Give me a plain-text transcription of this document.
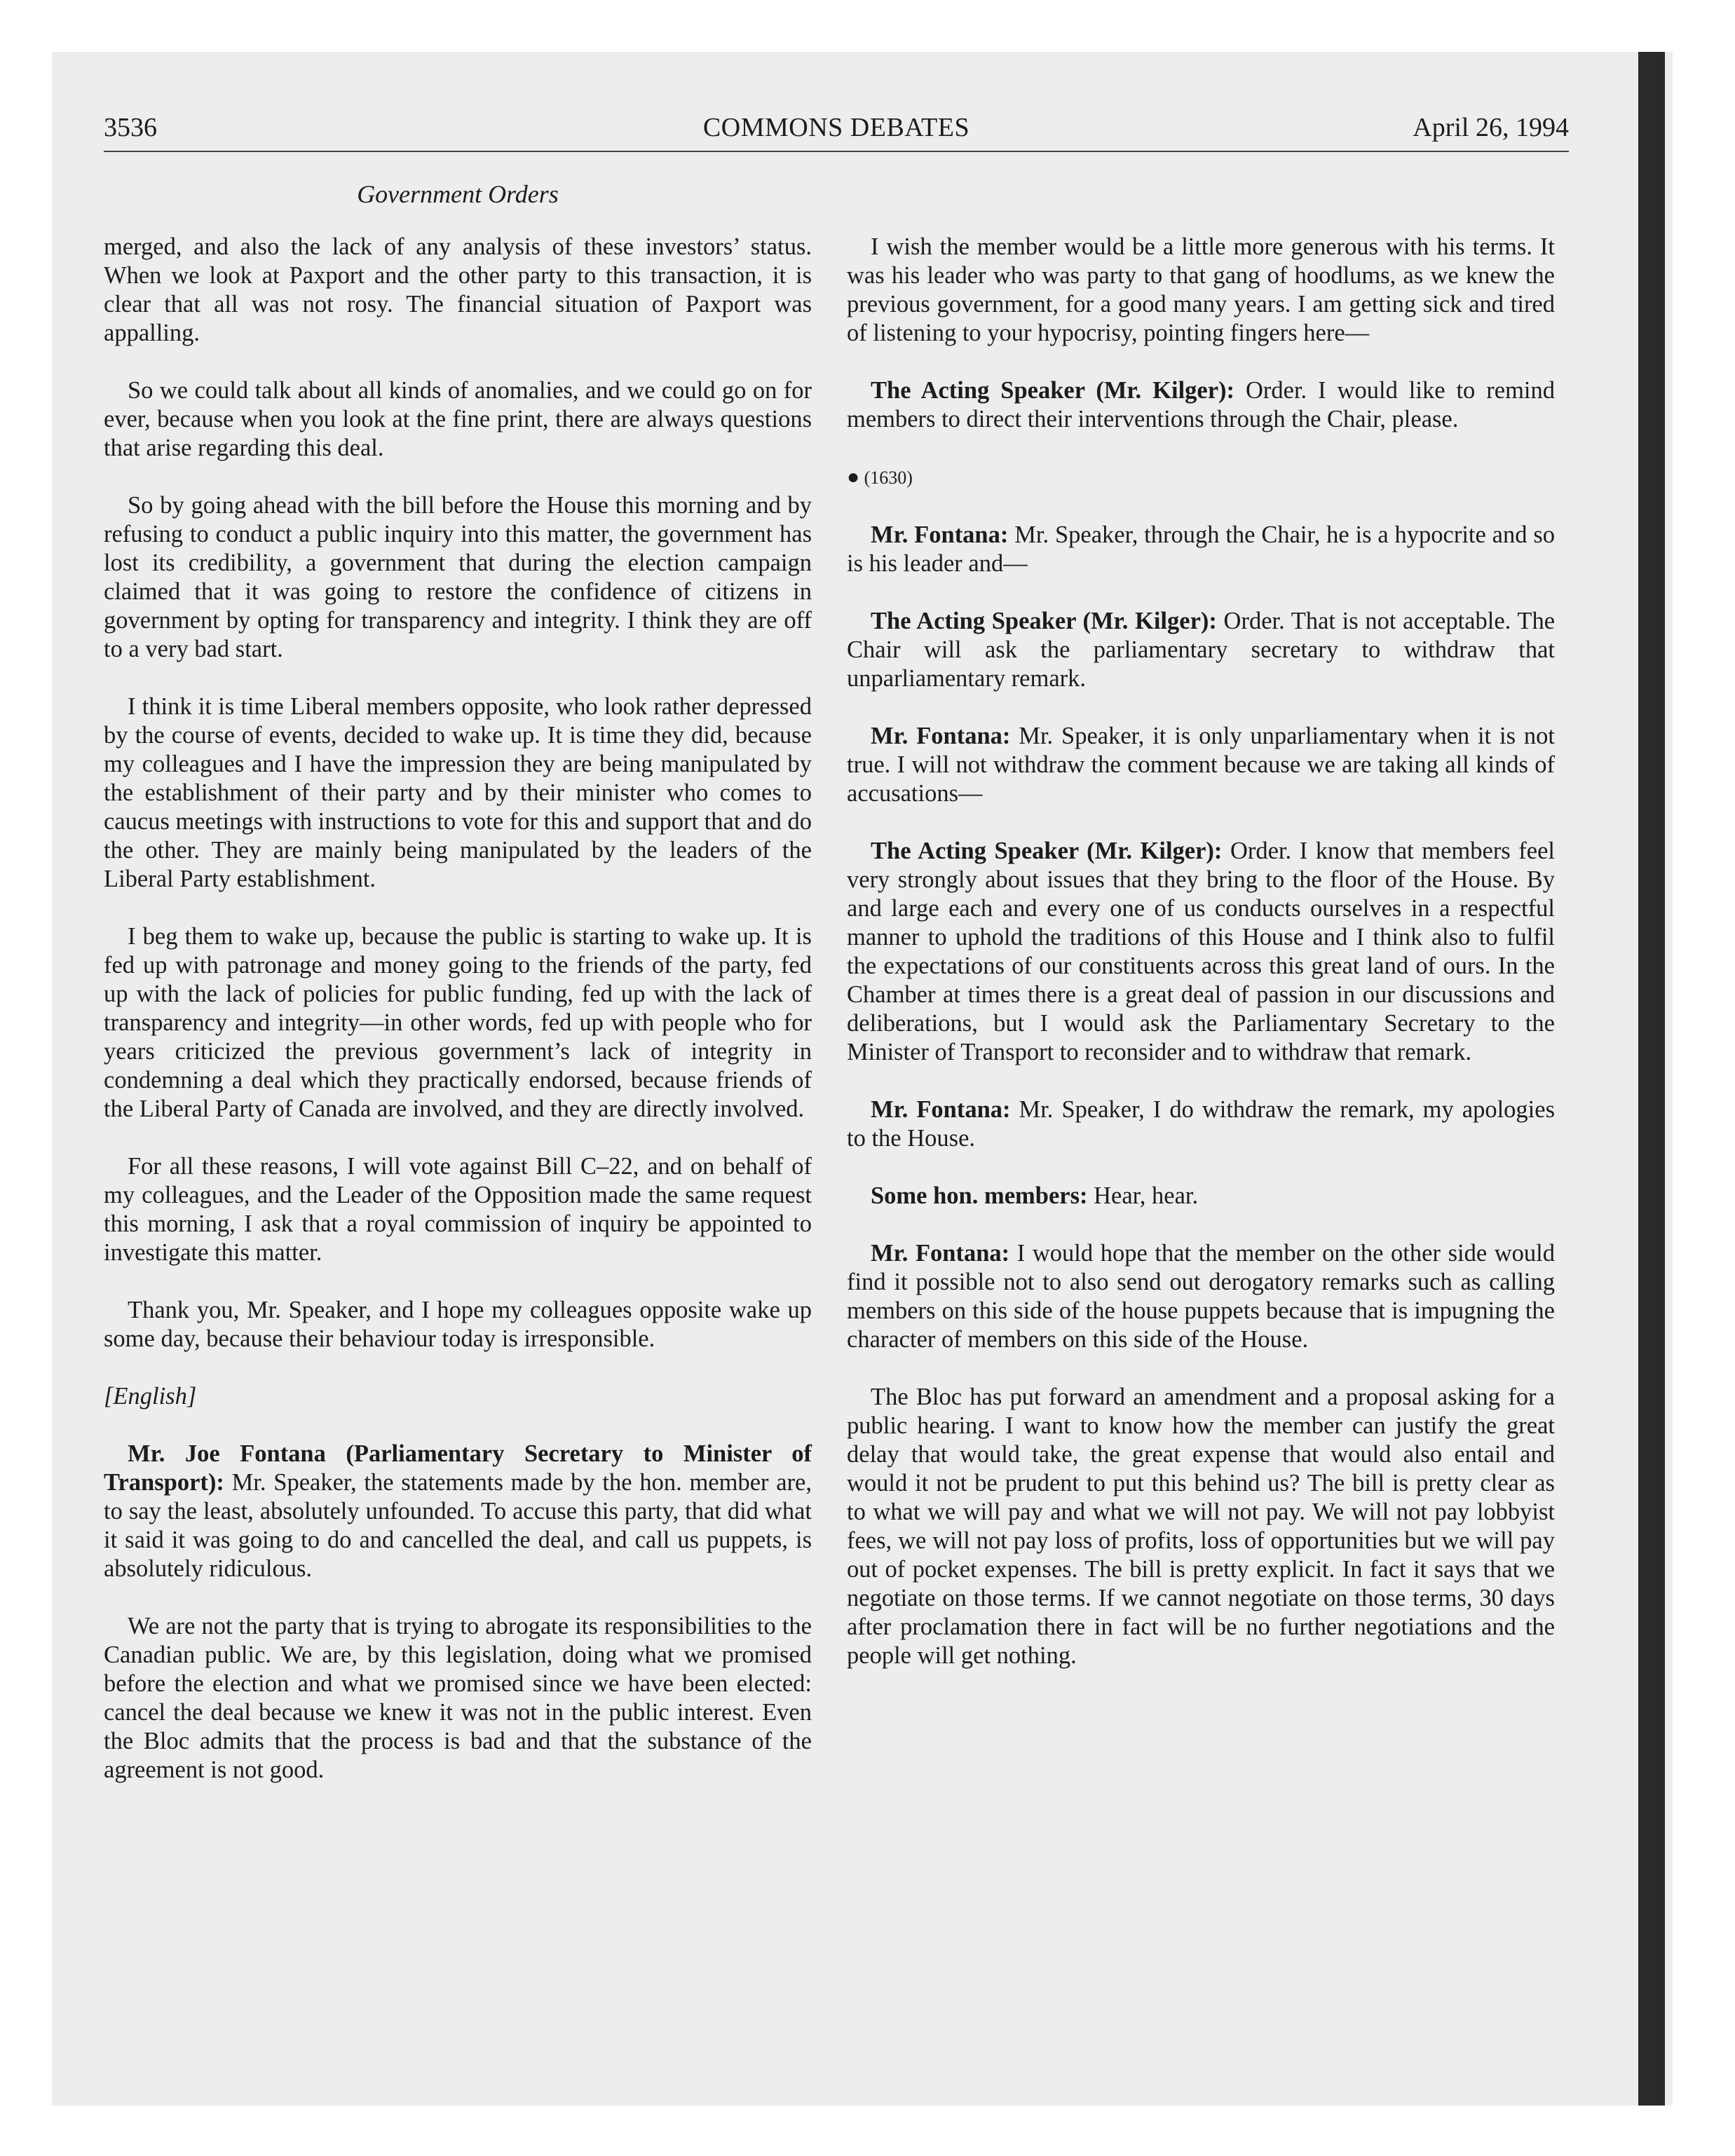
3536	COMMONS DEBATES	April 26, 1994
Government Orders

merged, and also the lack of any analysis of these investors’ status. When we look at Paxport and the other party to this transaction, it is clear that all was not rosy. The financial situation of Paxport was appalling.

So we could talk about all kinds of anomalies, and we could go on for ever, because when you look at the fine print, there are always questions that arise regarding this deal.

So by going ahead with the bill before the House this morning and by refusing to conduct a public inquiry into this matter, the government has lost its credibility, a government that during the election campaign claimed that it was going to restore the confidence of citizens in government by opting for transparency and integrity. I think they are off to a very bad start.

I think it is time Liberal members opposite, who look rather depressed by the course of events, decided to wake up. It is time they did, because my colleagues and I have the impression they are being manipulated by the establishment of their party and by their minister who comes to caucus meetings with instructions to vote for this and support that and do the other. They are mainly being manipulated by the leaders of the Liberal Party establishment.

I beg them to wake up, because the public is starting to wake up. It is fed up with patronage and money going to the friends of the party, fed up with the lack of policies for public funding, fed up with the lack of transparency and integrity—in other words, fed up with people who for years criticized the previous government’s lack of integrity in condemning a deal which they practically endorsed, because friends of the Liberal Party of Canada are involved, and they are directly involved.

For all these reasons, I will vote against Bill C–22, and on behalf of my colleagues, and the Leader of the Opposition made the same request this morning, I ask that a royal commission of inquiry be appointed to investigate this matter.

Thank you, Mr. Speaker, and I hope my colleagues opposite wake up some day, because their behaviour today is irresponsible.

[English]

Mr. Joe Fontana (Parliamentary Secretary to Minister of Transport): Mr. Speaker, the statements made by the hon. member are, to say the least, absolutely unfounded. To accuse this party, that did what it said it was going to do and cancelled the deal, and call us puppets, is absolutely ridiculous.

We are not the party that is trying to abrogate its responsibilities to the Canadian public. We are, by this legislation, doing what we promised before the election and what we promised since we have been elected: cancel the deal because we knew it was not in the public interest. Even the Bloc admits that the process is bad and that the substance of the agreement is not good.

I wish the member would be a little more generous with his terms. It was his leader who was party to that gang of hoodlums, as we knew the previous government, for a good many years. I am getting sick and tired of listening to your hypocrisy, pointing fingers here—

The Acting Speaker (Mr. Kilger): Order. I would like to remind members to direct their interventions through the Chair, please.

● (1630)

Mr. Fontana: Mr. Speaker, through the Chair, he is a hypocrite and so is his leader and—

The Acting Speaker (Mr. Kilger): Order. That is not acceptable. The Chair will ask the parliamentary secretary to withdraw that unparliamentary remark.

Mr. Fontana: Mr. Speaker, it is only unparliamentary when it is not true. I will not withdraw the comment because we are taking all kinds of accusations—

The Acting Speaker (Mr. Kilger): Order. I know that members feel very strongly about issues that they bring to the floor of the House. By and large each and every one of us conducts ourselves in a respectful manner to uphold the traditions of this House and I think also to fulfil the expectations of our constituents across this great land of ours. In the Chamber at times there is a great deal of passion in our discussions and deliberations, but I would ask the Parliamentary Secretary to the Minister of Transport to reconsider and to withdraw that remark.

Mr. Fontana: Mr. Speaker, I do withdraw the remark, my apologies to the House.

Some hon. members: Hear, hear.

Mr. Fontana: I would hope that the member on the other side would find it possible not to also send out derogatory remarks such as calling members on this side of the house puppets because that is impugning the character of members on this side of the House.

The Bloc has put forward an amendment and a proposal asking for a public hearing. I want to know how the member can justify the great delay that would take, the great expense that would also entail and would it not be prudent to put this behind us? The bill is pretty clear as to what we will pay and what we will not pay. We will not pay lobbyist fees, we will not pay loss of profits, loss of opportunities but we will pay out of pocket expenses. The bill is pretty explicit. In fact it says that we negotiate on those terms. If we cannot negotiate on those terms, 30 days after proclamation there in fact will be no further negotiations and the people will get nothing.
